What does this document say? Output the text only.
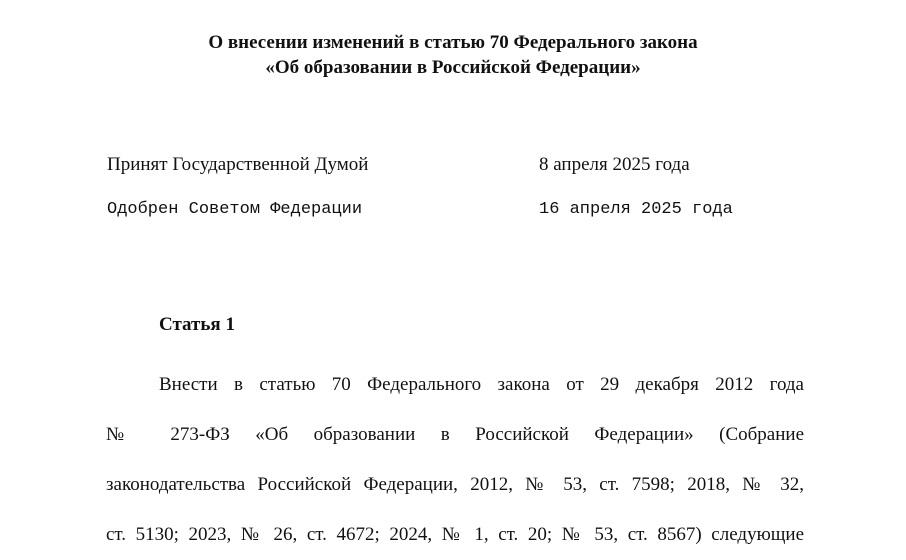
О внесении изменений в статью 70 Федерального закона
«Об образовании в Российской Федерации»
Принят Государственной Думой	8 апреля 2025 года
Одобрен Советом Федерации	16 апреля 2025 года
Статья 1
Внести в статью 70 Федерального закона от 29 декабря 2012 года
№ 273-ФЗ «Об образовании в Российской Федерации» (Собрание
законодательства Российской Федерации, 2012, № 53, ст. 7598; 2018, № 32,
ст. 5130; 2023, № 26, ст. 4672; 2024, № 1, ст. 20; № 53, ст. 8567) следующие
